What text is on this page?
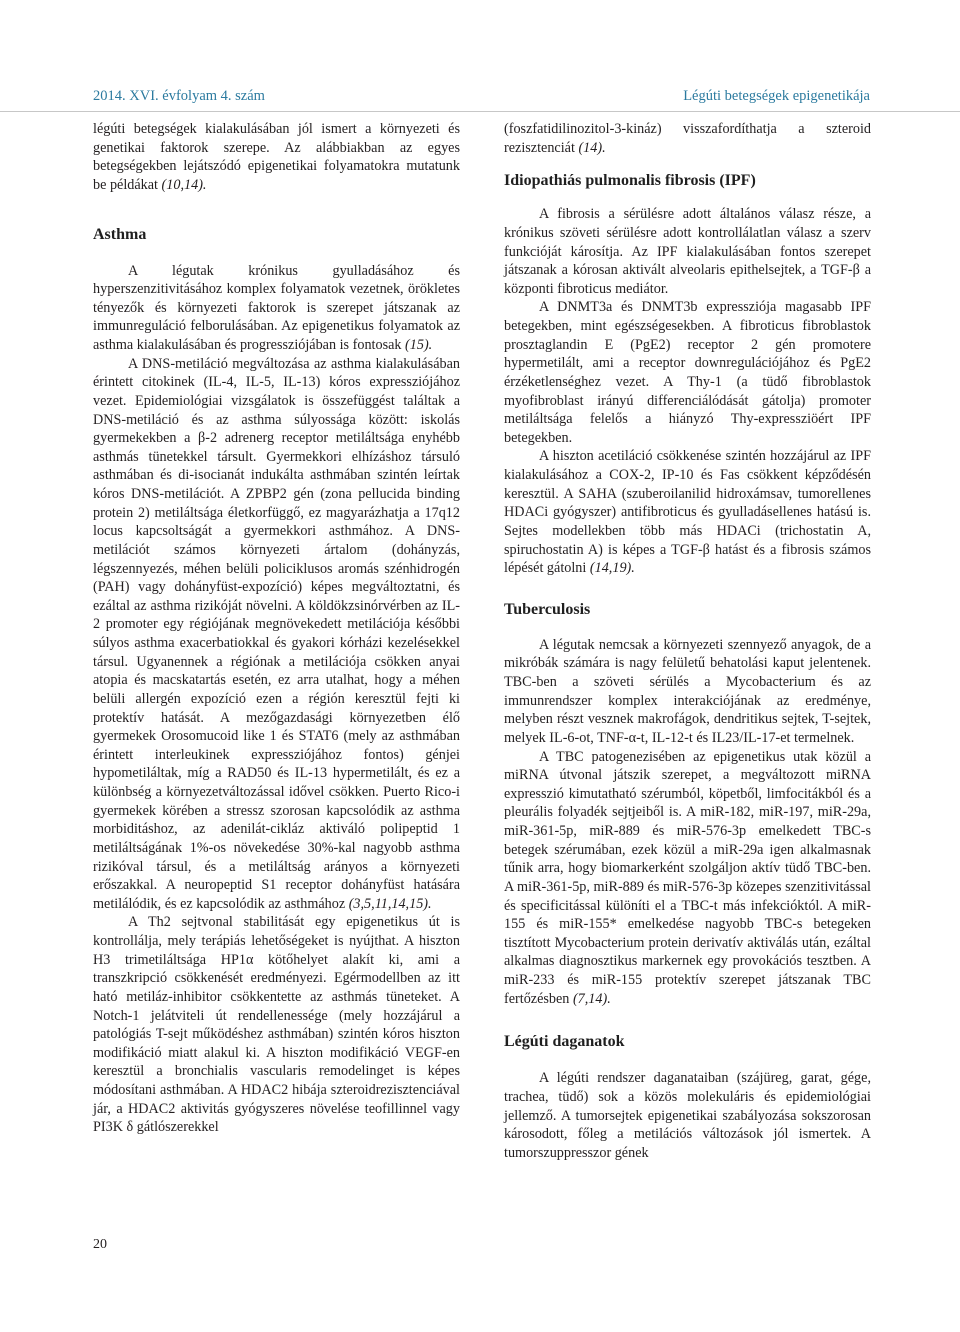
2014. XVI. évfolyam 4. szám	Légúti betegségek epigenetikája

légúti betegségek kialakulásában jól ismert a környezeti és genetikai faktorok szerepe. Az alábbiakban az egyes betegségekben lejátszódó epigenetikai folyamatokra mutatunk be példákat (10,14).

Asthma

A légutak krónikus gyulladásához és hyperszenzitivitásához komplex folyamatok vezetnek, örökletes tényezők és környezeti faktorok is szerepet játszanak az immunreguláció felborulásában. Az epigenetikus folyamatok az asthma kialakulásában és progressziójában is fontosak (15).

A DNS-metiláció megváltozása az asthma kialakulásában érintett citokinek (IL-4, IL-5, IL-13) kóros expressziójához vezet. Epidemiológiai vizsgálatok is összefüggést találtak a DNS-metiláció és az asthma súlyossága között: iskolás gyermekekben a β-2 adrenerg receptor metiláltsága enyhébb asthmás tünetekkel társult. Gyermekkori elhízáshoz társuló asthmában és di-isocianát indukálta asthmában szintén leírtak kóros DNS-metilációt. A ZPBP2 gén (zona pellucida binding protein 2) metiláltsága életkorfüggő, ez magyarázhatja a 17q12 locus kapcsoltságát a gyermekkori asthmához. A DNS-metilációt számos környezeti ártalom (dohányzás, légszennyezés, méhen belüli policiklusos aromás szénhidrogén (PAH) vagy dohányfüst-expozíció) képes megváltoztatni, és ezáltal az asthma rizikóját növelni. A köldökzsinórvérben az IL-2 promoter egy régiójának megnövekedett metilációja későbbi súlyos asthma exacerbatiokkal és gyakori kórházi kezelésekkel társul. Ugyanennek a régiónak a metilációja csökken anyai atopia és macskatartás esetén, ez arra utalhat, hogy a méhen belüli allergén expozíció ezen a régión keresztül fejti ki protektív hatását. A mezőgazdasági környezetben élő gyermekek Orosomucoid like 1 és STAT6 (mely az asthmában érintett interleukinek expressziójához fontos) génjei hypometiláltak, míg a RAD50 és IL-13 hypermetilált, és ez a különbség a környezetváltozással idővel csökken. Puerto Rico-i gyermekek körében a stressz szorosan kapcsolódik az asthma morbiditáshoz, az adenilát-cikláz aktiváló polipeptid 1 metiláltságának 1%-os növekedése 30%-kal nagyobb asthma rizikóval társul, és a metiláltság arányos a környezeti erőszakkal. A neuropeptid S1 receptor dohányfüst hatására metilálódik, és ez kapcsolódik az asthmához (3,5,11,14,15).

A Th2 sejtvonal stabilitását egy epigenetikus út is kontrollálja, mely terápiás lehetőségeket is nyújthat. A hiszton H3 trimetiláltsága HP1α kötőhelyet alakít ki, ami a transzkripció csökkenését eredményezi. Egérmodellben az itt ható metiláz-inhibitor csökkentette az asthmás tüneteket. A Notch-1 jelátviteli út rendellenessége (mely hozzájárul a patológiás T-sejt működéshez asthmában) szintén kóros hiszton modifikáció miatt alakul ki. A hiszton modifikáció VEGF-en keresztül a bronchialis vascularis remodelinget is képes módosítani asthmában. A HDAC2 hibája szteroidrezisztenciával jár, a HDAC2 aktivitás gyógyszeres növelése teofillinnel vagy PI3K δ gátlószerekkel

(foszfatidilinozitol-3-kináz) visszafordíthatja a szteroid rezisztenciát (14).

Idiopathiás pulmonalis fibrosis (IPF)

A fibrosis a sérülésre adott általános válasz része, a krónikus szöveti sérülésre adott kontrollálatlan válasz a szerv funkcióját károsítja. Az IPF kialakulásában fontos szerepet játszanak a kórosan aktivált alveolaris epithelsejtek, a TGF-β a központi fibroticus mediátor.

A DNMT3a és DNMT3b expressziója magasabb IPF betegekben, mint egészségesekben. A fibroticus fibroblastok prosztaglandin E (PgE2) receptor 2 gén promotere hypermetilált, ami a receptor downregulációjához és PgE2 érzéketlenséghez vezet. A Thy-1 (a tüdő fibroblastok myofibroblast irányú differenciálódását gátolja) promoter metiláltsága felelős a hiányzó Thy-expressziöért IPF betegekben.

A hiszton acetiláció csökkenése szintén hozzájárul az IPF kialakulásához a COX-2, IP-10 és Fas csökkent képződésén keresztül. A SAHA (szuberoilanilid hidroxámsav, tumorellenes HDACi gyógyszer) antifibroticus és gyulladásellenes hatású is. Sejtes modellekben több más HDACi (trichostatin A, spiruchostatin A) is képes a TGF-β hatást és a fibrosis számos lépését gátolni (14,19).

Tuberculosis

A légutak nemcsak a környezeti szennyező anyagok, de a mikróbák számára is nagy felületű behatolási kaput jelentenek. TBC-ben a szöveti sérülés a Mycobacterium és az immunrendszer komplex interakciójának az eredménye, melyben részt vesznek makrofágok, dendritikus sejtek, T-sejtek, melyek IL-6-ot, TNF-α-t, IL-12-t és IL23/IL-17-et termelnek.

A TBC patogenezisében az epigenetikus utak közül a miRNA útvonal játszik szerepet, a megváltozott miRNA expresszió kimutatható szérumból, köpetből, limfocitákból és a pleurális folyadék sejtjeiből is. A miR-182, miR-197, miR-29a, miR-361-5p, miR-889 és miR-576-3p emelkedett TBC-s betegek szérumában, ezek közül a miR-29a igen alkalmasnak tűnik arra, hogy biomarkerként szolgáljon aktív tüdő TBC-ben. A miR-361-5p, miR-889 és miR-576-3p közepes szenzitivitással és specificitással különíti el a TBC-t más infekcióktól. A miR-155 és miR-155* emelkedése nagyobb TBC-s betegeken tisztított Mycobacterium protein derivatív aktiválás után, ezáltal alkalmas diagnosztikus markernek egy provokációs tesztben. A miR-233 és miR-155 protektív szerepet játszanak TBC fertőzésben (7,14).

Légúti daganatok

A légúti rendszer daganataiban (szájüreg, garat, gége, trachea, tüdő) sok a közös molekuláris és epidemiológiai jellemző. A tumorsejtek epigenetikai szabályozása sokszorosan károsodott, főleg a metilációs változások jól ismertek. A tumorszuppresszor gének

20
